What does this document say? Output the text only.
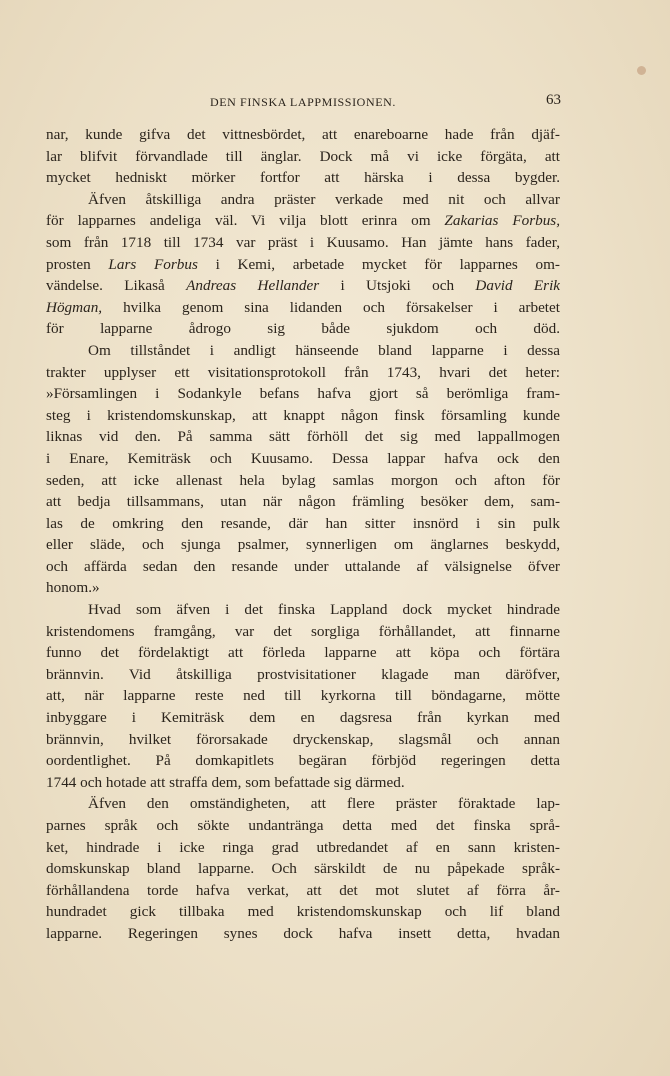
DEN FINSKA LAPPMISSIONEN.	63
nar, kunde gifva det vittnesbördet, att enareboarne hade från djäf-
lar blifvit förvandlade till änglar. Dock må vi icke förgäta, att
mycket hedniskt mörker fortfor att härska i dessa bygder.
Äfven åtskilliga andra präster verkade med nit och allvar
för lapparnes andeliga väl. Vi vilja blott erinra om Zakarias Forbus,
som från 1718 till 1734 var präst i Kuusamo. Han jämte hans fader,
prosten Lars Forbus i Kemi, arbetade mycket för lapparnes om-
vändelse. Likaså Andreas Hellander i Utsjoki och David Erik
Högman, hvilka genom sina lidanden och försakelser i arbetet
för lapparne ådrogo sig både sjukdom och död.
Om tillståndet i andligt hänseende bland lapparne i dessa
trakter upplyser ett visitationsprotokoll från 1743, hvari det heter:
»Församlingen i Sodankyle befans hafva gjort så berömliga fram-
steg i kristendomskunskap, att knappt någon finsk församling kunde
liknas vid den. På samma sätt förhöll det sig med lappallmogen
i Enare, Kemiträsk och Kuusamo. Dessa lappar hafva ock den
seden, att icke allenast hela bylag samlas morgon och afton för
att bedja tillsammans, utan när någon främling besöker dem, sam-
las de omkring den resande, där han sitter insnörd i sin pulk
eller släde, och sjunga psalmer, synnerligen om änglarnes beskydd,
och affärda sedan den resande under uttalande af välsignelse öfver
honom.»
Hvad som äfven i det finska Lappland dock mycket hindrade
kristendomens framgång, var det sorgliga förhållandet, att finnarne
funno det fördelaktigt att förleda lapparne att köpa och förtära
brännvin. Vid åtskilliga prostvisitationer klagade man däröfver,
att, när lapparne reste ned till kyrkorna till böndagarne, mötte
inbyggare i Kemiträsk dem en dagsresa från kyrkan med
brännvin, hvilket förorsakade dryckenskap, slagsmål och annan
oordentlighet. På domkapitlets begäran förbjöd regeringen detta
1744 och hotade att straffa dem, som befattade sig därmed.
Äfven den omständigheten, att flere präster föraktade lap-
parnes språk och sökte undantränga detta med det finska språ-
ket, hindrade i icke ringa grad utbredandet af en sann kristen-
domskunskap bland lapparne. Och särskildt de nu påpekade språk-
förhållandena torde hafva verkat, att det mot slutet af förra år-
hundradet gick tillbaka med kristendomskunskap och lif bland
lapparne. Regeringen synes dock hafva insett detta, hvadan
